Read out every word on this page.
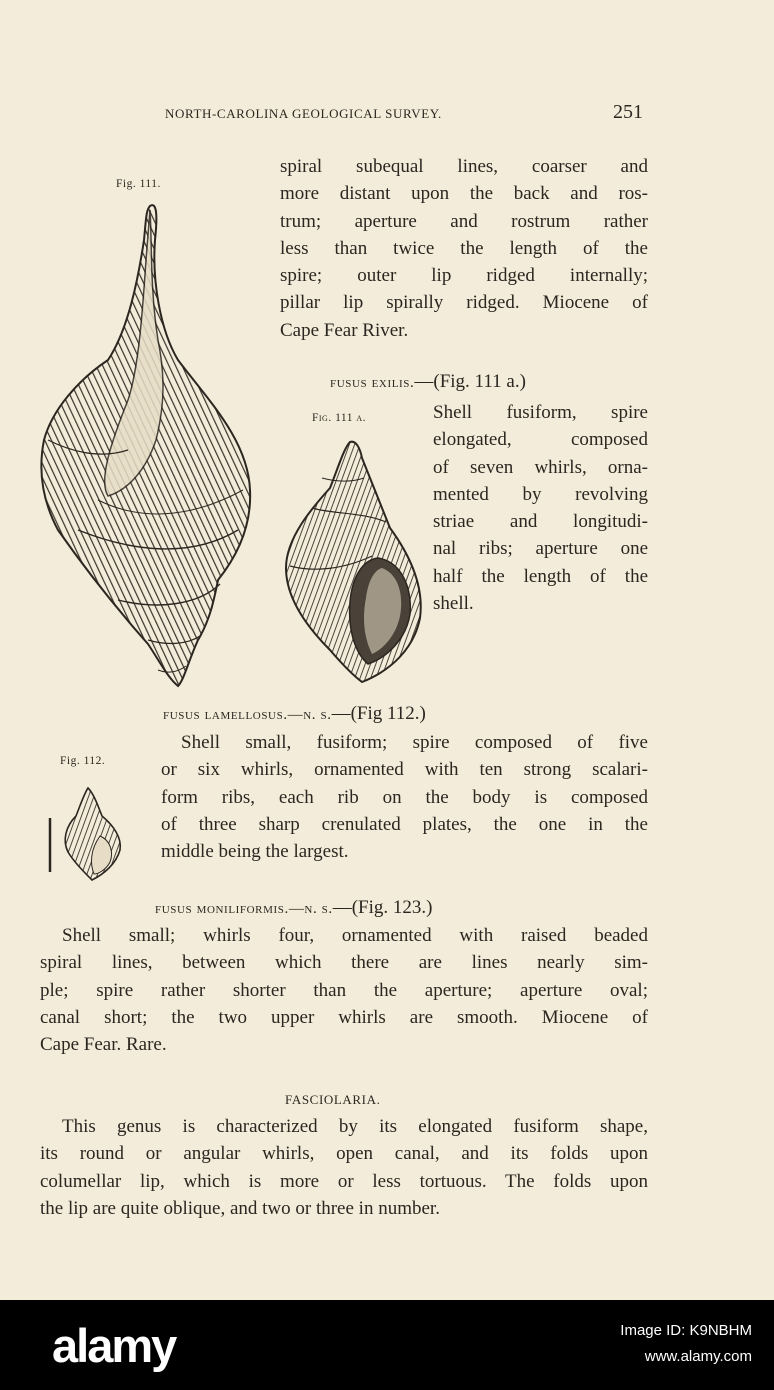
NORTH-CAROLINA GEOLOGICAL SURVEY.	251
Fig. 111.
spiral subequal lines, coarser and
more distant upon the back and ros-
trum; aperture and rostrum rather
less than twice the length of the
spire; outer lip ridged internally;
pillar lip spirally ridged. Miocene of
Cape Fear River.
fusus exilis.—(Fig. 111 a.)
Fig. 111 a.	Shell fusiform, spire
elongated, composed
of seven whirls, orna-
mented by revolving
striae and longitudi-
nal ribs; aperture one
half the length of the
shell.
fusus lamellosus.—n. s.—(Fig 112.)
Fig. 112.
Shell small, fusiform; spire composed of five
or six whirls, ornamented with ten strong scalari-
form ribs, each rib on the body is composed
of three sharp crenulated plates, the one in the
middle being the largest.
fusus moniliformis.—n. s.—(Fig. 123.)
Shell small; whirls four, ornamented with raised beaded
spiral lines, between which there are lines nearly sim-
ple; spire rather shorter than the aperture; aperture oval;
canal short; the two upper whirls are smooth. Miocene of
Cape Fear. Rare.
FASCIOLARIA.
This genus is characterized by its elongated fusiform shape,
its round or angular whirls, open canal, and its folds upon
columellar lip, which is more or less tortuous. The folds upon
the lip are quite oblique, and two or three in number.
alamy	Image ID: K9NBHM
www.alamy.com
